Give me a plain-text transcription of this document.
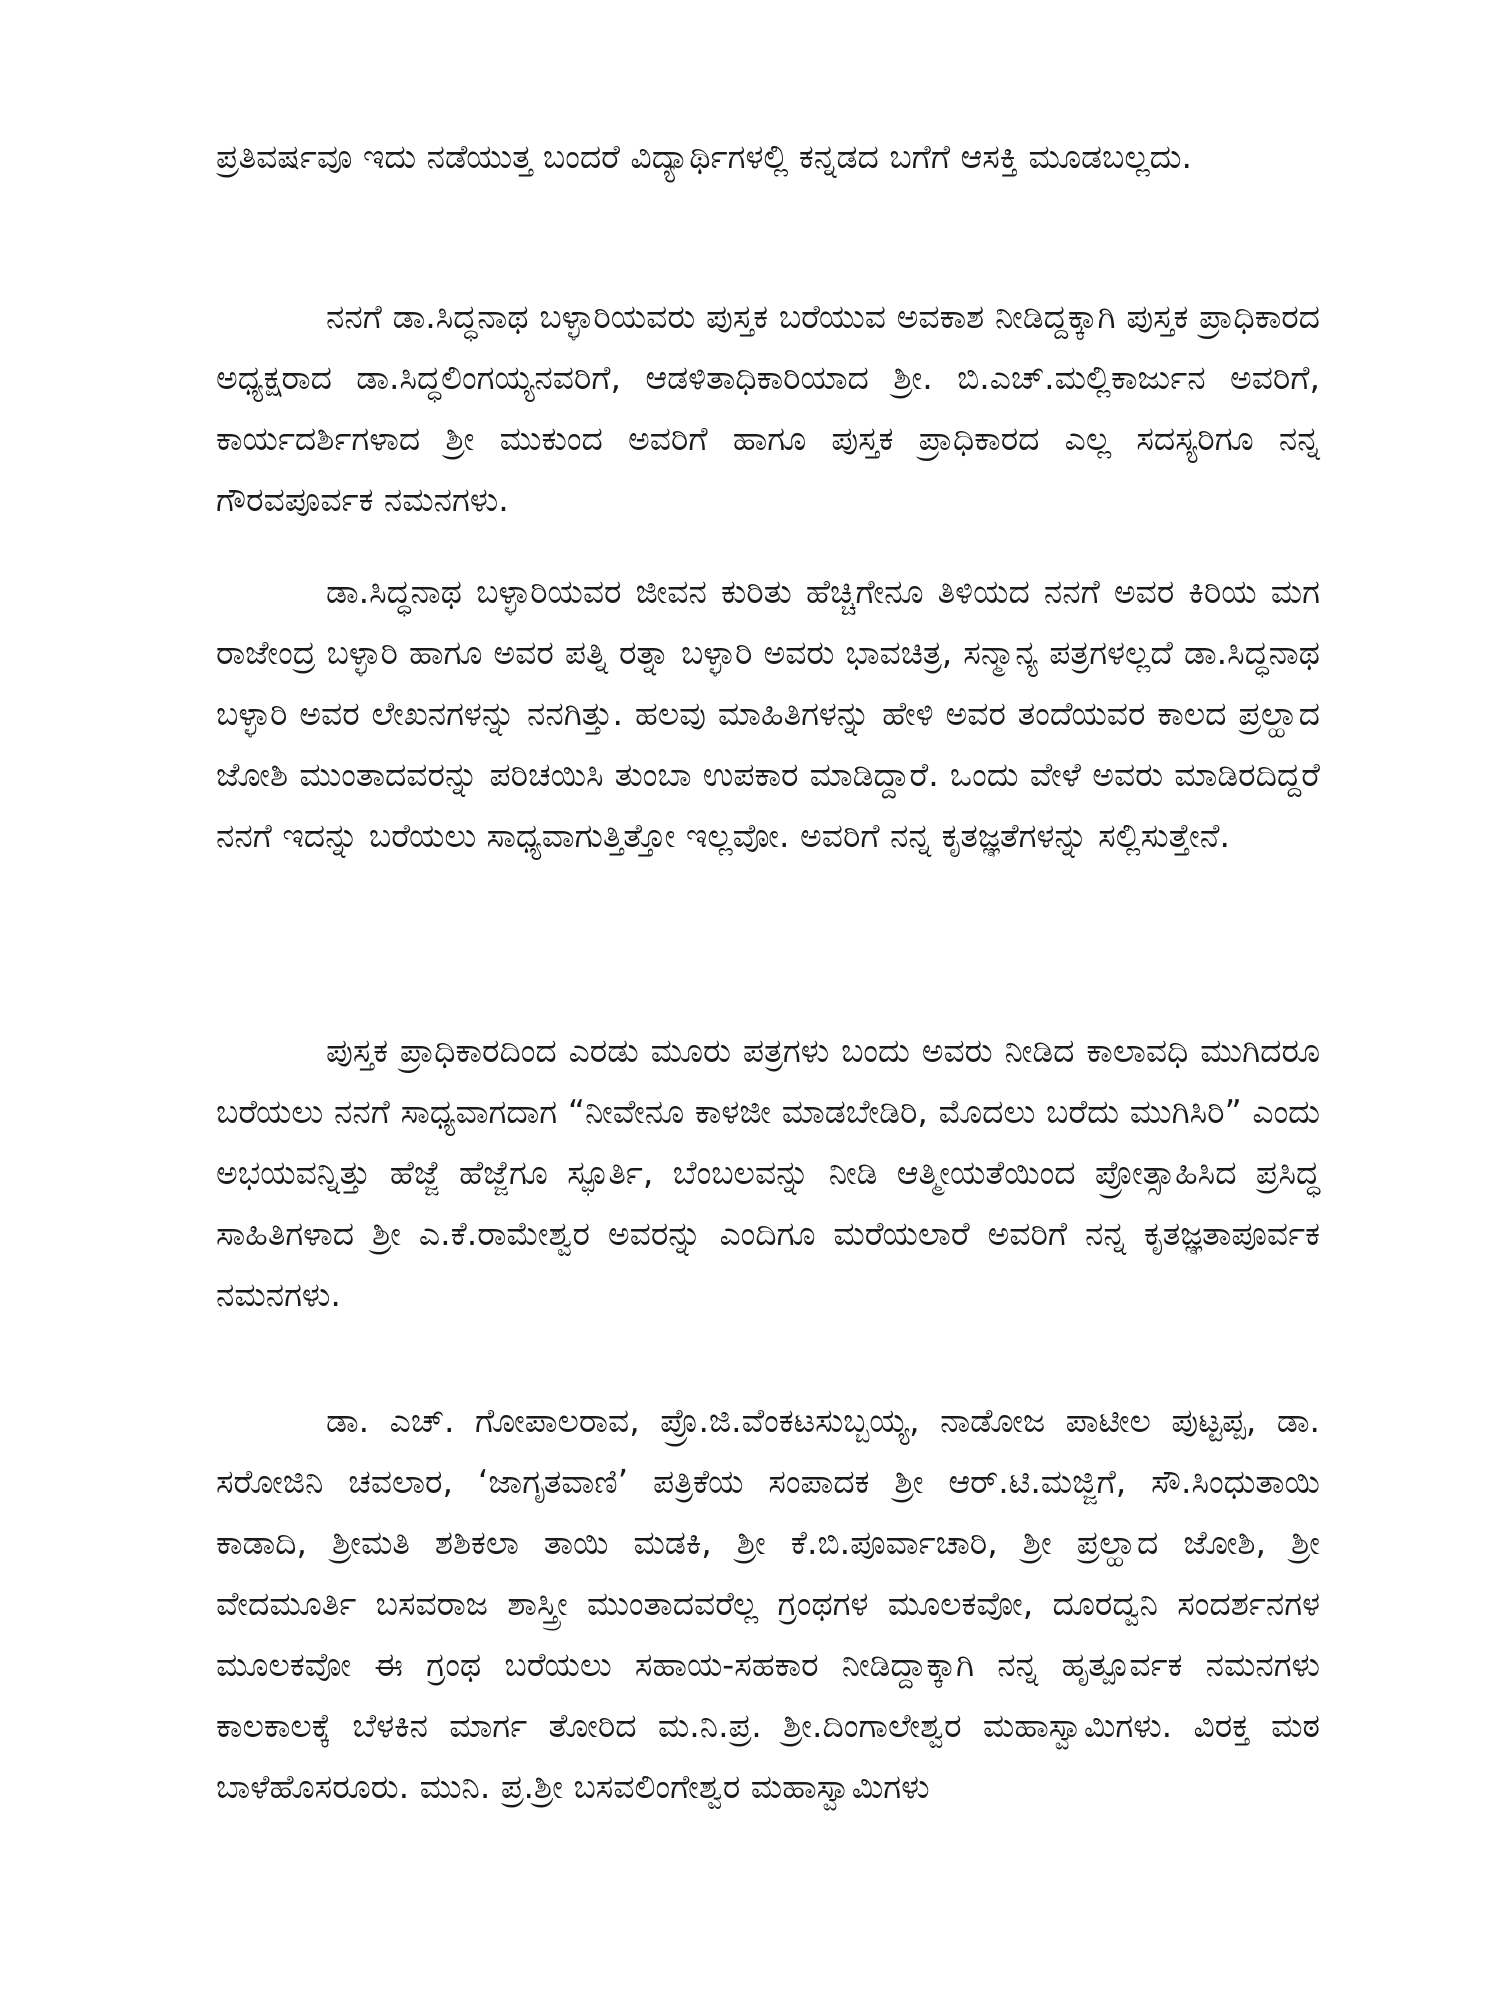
ಪ್ರತಿವರ್ಷವೂ ಇದು ನಡೆಯುತ್ತ ಬಂದರೆ ವಿದ್ಯಾರ್ಥಿಗಳಲ್ಲಿ ಕನ್ನಡದ ಬಗೆಗೆ ಆಸಕ್ತಿ ಮೂಡಬಲ್ಲದು.

ನನಗೆ ಡಾ.ಸಿದ್ಧನಾಥ ಬಳ್ಳಾರಿಯವರು ಪುಸ್ತಕ ಬರೆಯುವ ಅವಕಾಶ ನೀಡಿದ್ದಕ್ಕಾಗಿ ಪುಸ್ತಕ ಪ್ರಾಧಿಕಾರದ ಅಧ್ಯಕ್ಷರಾದ ಡಾ.ಸಿದ್ಧಲಿಂಗಯ್ಯನವರಿಗೆ, ಆಡಳಿತಾಧಿಕಾರಿಯಾದ ಶ್ರೀ. ಬಿ.ಎಚ್.ಮಲ್ಲಿಕಾರ್ಜುನ ಅವರಿಗೆ, ಕಾರ್ಯದರ್ಶಿಗಳಾದ ಶ್ರೀ ಮುಕುಂದ ಅವರಿಗೆ ಹಾಗೂ ಪುಸ್ತಕ ಪ್ರಾಧಿಕಾರದ ಎಲ್ಲ ಸದಸ್ಯರಿಗೂ ನನ್ನ ಗೌರವಪೂರ್ವಕ ನಮನಗಳು.

ಡಾ.ಸಿದ್ಧನಾಥ ಬಳ್ಳಾರಿಯವರ ಜೀವನ ಕುರಿತು ಹೆಚ್ಚಿಗೇನೂ ತಿಳಿಯದ ನನಗೆ ಅವರ ಕಿರಿಯ ಮಗ ರಾಜೇಂದ್ರ ಬಳ್ಳಾರಿ ಹಾಗೂ ಅವರ ಪತ್ನಿ ರತ್ನಾ ಬಳ್ಳಾರಿ ಅವರು ಭಾವಚಿತ್ರ, ಸನ್ಮಾನ್ಯ ಪತ್ರಗಳಲ್ಲದೆ ಡಾ.ಸಿದ್ಧನಾಥ ಬಳ್ಳಾರಿ ಅವರ ಲೇಖನಗಳನ್ನು ನನಗಿತ್ತು. ಹಲವು ಮಾಹಿತಿಗಳನ್ನು ಹೇಳಿ ಅವರ ತಂದೆಯವರ ಕಾಲದ ಪ್ರಲ್ಹಾದ ಜೋಶಿ ಮುಂತಾದವರನ್ನು ಪರಿಚಯಿಸಿ ತುಂಬಾ ಉಪಕಾರ ಮಾಡಿದ್ದಾರೆ. ಒಂದು ವೇಳೆ ಅವರು ಮಾಡಿರದಿದ್ದರೆ ನನಗೆ ಇದನ್ನು ಬರೆಯಲು ಸಾಧ್ಯವಾಗುತ್ತಿತ್ತೋ ಇಲ್ಲವೋ. ಅವರಿಗೆ ನನ್ನ ಕೃತಜ್ಞತೆಗಳನ್ನು ಸಲ್ಲಿಸುತ್ತೇನೆ.

ಪುಸ್ತಕ ಪ್ರಾಧಿಕಾರದಿಂದ ಎರಡು ಮೂರು ಪತ್ರಗಳು ಬಂದು ಅವರು ನೀಡಿದ ಕಾಲಾವಧಿ ಮುಗಿದರೂ ಬರೆಯಲು ನನಗೆ ಸಾಧ್ಯವಾಗದಾಗ “ನೀವೇನೂ ಕಾಳಜೀ ಮಾಡಬೇಡಿರಿ, ಮೊದಲು ಬರೆದು ಮುಗಿಸಿರಿ” ಎಂದು ಅಭಯವನ್ನಿತ್ತು ಹೆಜ್ಜೆ ಹೆಜ್ಜೆಗೂ ಸ್ಫೂರ್ತಿ, ಬೆಂಬಲವನ್ನು ನೀಡಿ ಆತ್ಮೀಯತೆಯಿಂದ ಪ್ರೋತ್ಸಾಹಿಸಿದ ಪ್ರಸಿದ್ಧ ಸಾಹಿತಿಗಳಾದ ಶ್ರೀ ಎ.ಕೆ.ರಾಮೇಶ್ವರ ಅವರನ್ನು ಎಂದಿಗೂ ಮರೆಯಲಾರೆ ಅವರಿಗೆ ನನ್ನ ಕೃತಜ್ಞತಾಪೂರ್ವಕ ನಮನಗಳು.

ಡಾ. ಎಚ್. ಗೋಪಾಲರಾವ, ಪ್ರೊ.ಜಿ.ವೆಂಕಟಸುಬ್ಬಯ್ಯ, ನಾಡೋಜ ಪಾಟೀಲ ಪುಟ್ಟಪ್ಪ, ಡಾ. ಸರೋಜಿನಿ ಚವಲಾರ, ‘ಜಾಗೃತವಾಣಿ’ ಪತ್ರಿಕೆಯ ಸಂಪಾದಕ ಶ್ರೀ ಆರ್.ಟಿ.ಮಜ್ಜಿಗೆ, ಸೌ.ಸಿಂಧುತಾಯಿ ಕಾಡಾದಿ, ಶ್ರೀಮತಿ ಶಶಿಕಲಾ ತಾಯಿ ಮಡಕಿ, ಶ್ರೀ ಕೆ.ಬಿ.ಪೂರ್ವಾಚಾರಿ, ಶ್ರೀ ಪ್ರಲ್ಹಾದ ಜೋಶಿ, ಶ್ರೀ ವೇದಮೂರ್ತಿ ಬಸವರಾಜ ಶಾಸ್ತ್ರೀ ಮುಂತಾದವರೆಲ್ಲ ಗ್ರಂಥಗಳ ಮೂಲಕವೋ, ದೂರದ್ವನಿ ಸಂದರ್ಶನಗಳ ಮೂಲಕವೋ ಈ ಗ್ರಂಥ ಬರೆಯಲು ಸಹಾಯ-ಸಹಕಾರ ನೀಡಿದ್ದಾಕ್ಕಾಗಿ ನನ್ನ ಹೃತ್ಪೂರ್ವಕ ನಮನಗಳು ಕಾಲಕಾಲಕ್ಕೆ ಬೆಳಕಿನ ಮಾರ್ಗ ತೋರಿದ ಮ.ನಿ.ಪ್ರ. ಶ್ರೀ.ದಿಂಗಾಲೇಶ್ವರ ಮಹಾಸ್ವಾಮಿಗಳು. ವಿರಕ್ತ ಮಠ ಬಾಳೆಹೊಸರೂರು. ಮುನಿ. ಪ್ರ.ಶ್ರೀ ಬಸವಲಿಂಗೇಶ್ವರ ಮಹಾಸ್ವಾಮಿಗಳು
